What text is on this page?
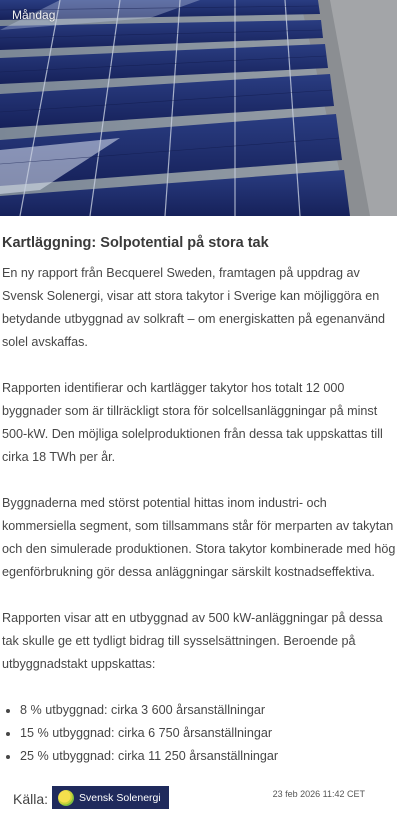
Måndag
Kartläggning: Solpotential på stora tak

En ny rapport från Becquerel Sweden, framtagen på uppdrag av Svensk Solenergi, visar att stora takytor i Sverige kan möjliggöra en betydande utbyggnad av solkraft – om energiskatten på egenanvänd solel avskaffas.

Rapporten identifierar och kartlägger takytor hos totalt 12 000 byggnader som är tillräckligt stora för solcellsanläggningar på minst 500-kW. Den möjliga solelproduktionen från dessa tak uppskattas till cirka 18 TWh per år.

Byggnaderna med störst potential hittas inom industri- och kommersiella segment, som tillsammans står för merparten av takytan och den simulerade produktionen. Stora takytor kombinerade med hög egenförbrukning gör dessa anläggningar särskilt kostnadseffektiva.

Rapporten visar att en utbyggnad av 500 kW-anläggningar på dessa tak skulle ge ett tydligt bidrag till sysselsättningen. Beroende på utbyggnadstakt uppskattas:

• 8 % utbyggnad: cirka 3 600 årsanställningar
• 15 % utbyggnad: cirka 6 750 årsanställningar
• 25 % utbyggnad: cirka 11 250 årsanställningar
Källa:	Svensk Solenergi	23 feb 2026 11:42 CET
